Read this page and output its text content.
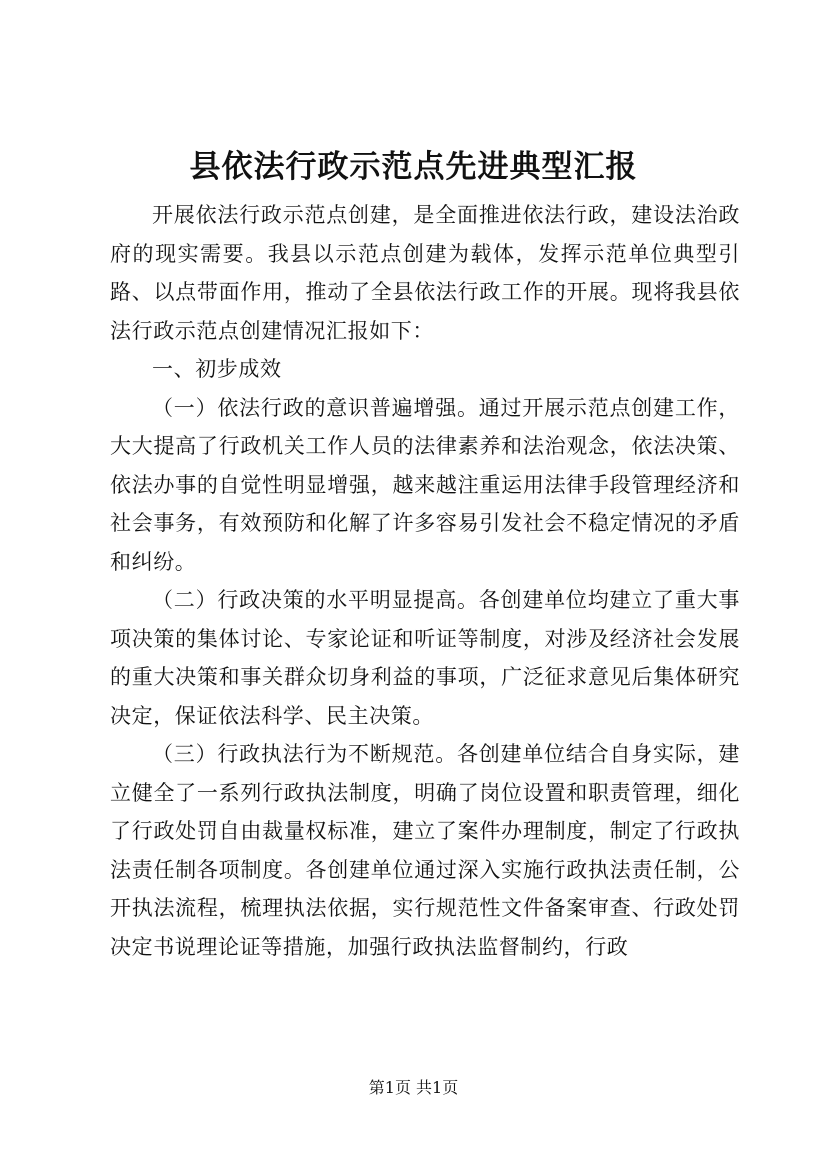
县依法行政示范点先进典型汇报

开展依法行政示范点创建，是全面推进依法行政，建设法治政府的现实需要。我县以示范点创建为载体，发挥示范单位典型引路、以点带面作用，推动了全县依法行政工作的开展。现将我县依法行政示范点创建情况汇报如下：

一、初步成效

（一）依法行政的意识普遍增强。通过开展示范点创建工作，大大提高了行政机关工作人员的法律素养和法治观念，依法决策、依法办事的自觉性明显增强，越来越注重运用法律手段管理经济和社会事务，有效预防和化解了许多容易引发社会不稳定情况的矛盾和纠纷。

（二）行政决策的水平明显提高。各创建单位均建立了重大事项决策的集体讨论、专家论证和听证等制度，对涉及经济社会发展的重大决策和事关群众切身利益的事项，广泛征求意见后集体研究决定，保证依法科学、民主决策。

（三）行政执法行为不断规范。各创建单位结合自身实际，建立健全了一系列行政执法制度，明确了岗位设置和职责管理，细化了行政处罚自由裁量权标准，建立了案件办理制度，制定了行政执法责任制各项制度。各创建单位通过深入实施行政执法责任制，公开执法流程，梳理执法依据，实行规范性文件备案审查、行政处罚决定书说理论证等措施，加强行政执法监督制约，行政

第1页 共1页
